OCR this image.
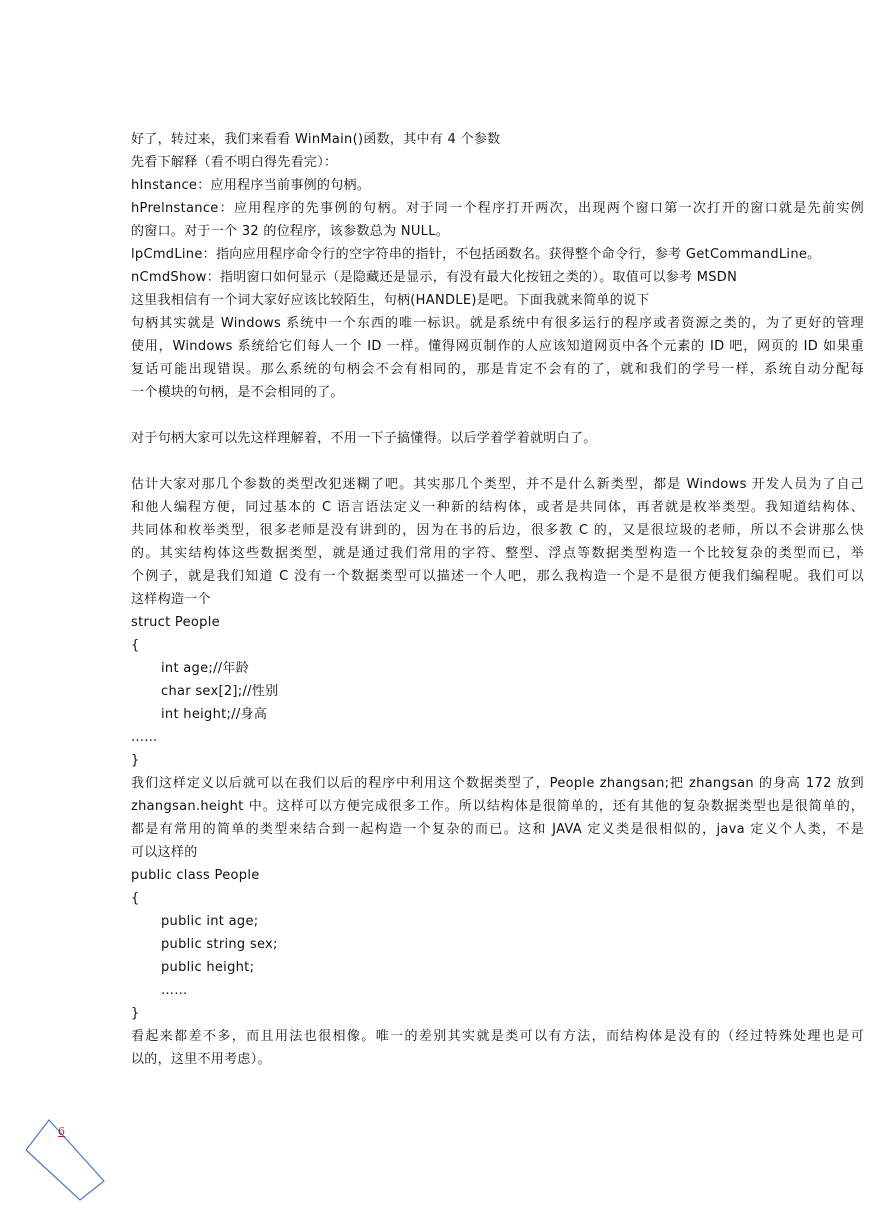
好了，转过来，我们来看看 WinMain()函数，其中有 4 个参数
先看下解释（看不明白得先看完）：
hInstance：应用程序当前事例的句柄。
hPrelnstance：应用程序的先事例的句柄。对于同一个程序打开两次，出现两个窗口第一次打开的窗口就是先前实例
的窗口。对于一个 32 的位程序，该参数总为 NULL。
lpCmdLine：指向应用程序命令行的空字符串的指针，不包括函数名。获得整个命令行，参考 GetCommandLine。
nCmdShow：指明窗口如何显示（是隐藏还是显示，有没有最大化按钮之类的）。取值可以参考 MSDN
这里我相信有一个词大家好应该比较陌生，句柄(HANDLE)是吧。下面我就来简单的说下
句柄其实就是 Windows 系统中一个东西的唯一标识。就是系统中有很多运行的程序或者资源之类的，为了更好的管理
使用，Windows 系统给它们每人一个 ID 一样。懂得网页制作的人应该知道网页中各个元素的 ID 吧，网页的 ID 如果重
复话可能出现错误。那么系统的句柄会不会有相同的，那是肯定不会有的了，就和我们的学号一样，系统自动分配每
一个模块的句柄，是不会相同的了。
对于句柄大家可以先这样理解着，不用一下子搞懂得。以后学着学着就明白了。
估计大家对那几个参数的类型改犯迷糊了吧。其实那几个类型，并不是什么新类型，都是 Windows 开发人员为了自己
和他人编程方便，同过基本的 C 语言语法定义一种新的结构体，或者是共同体，再者就是枚举类型。我知道结构体、
共同体和枚举类型，很多老师是没有讲到的，因为在书的后边，很多教 C 的，又是很垃圾的老师，所以不会讲那么快
的。其实结构体这些数据类型，就是通过我们常用的字符、整型、浮点等数据类型构造一个比较复杂的类型而已，举
个例子，就是我们知道 C 没有一个数据类型可以描述一个人吧，那么我构造一个是不是很方便我们编程呢。我们可以
这样构造一个
struct People
{
int age;//年龄
char sex[2];//性别
int height;//身高
……
}
我们这样定义以后就可以在我们以后的程序中利用这个数据类型了，People zhangsan;把 zhangsan 的身高 172 放到
zhangsan.height 中。这样可以方便完成很多工作。所以结构体是很简单的，还有其他的复杂数据类型也是很简单的，
都是有常用的简单的类型来结合到一起构造一个复杂的而已。这和 JAVA 定义类是很相似的，java 定义个人类，不是
可以这样的
public class People
{
public int age;
public string sex;
public height;
……
}
看起来都差不多，而且用法也很相像。唯一的差别其实就是类可以有方法，而结构体是没有的（经过特殊处理也是可
以的，这里不用考虑）。
6
